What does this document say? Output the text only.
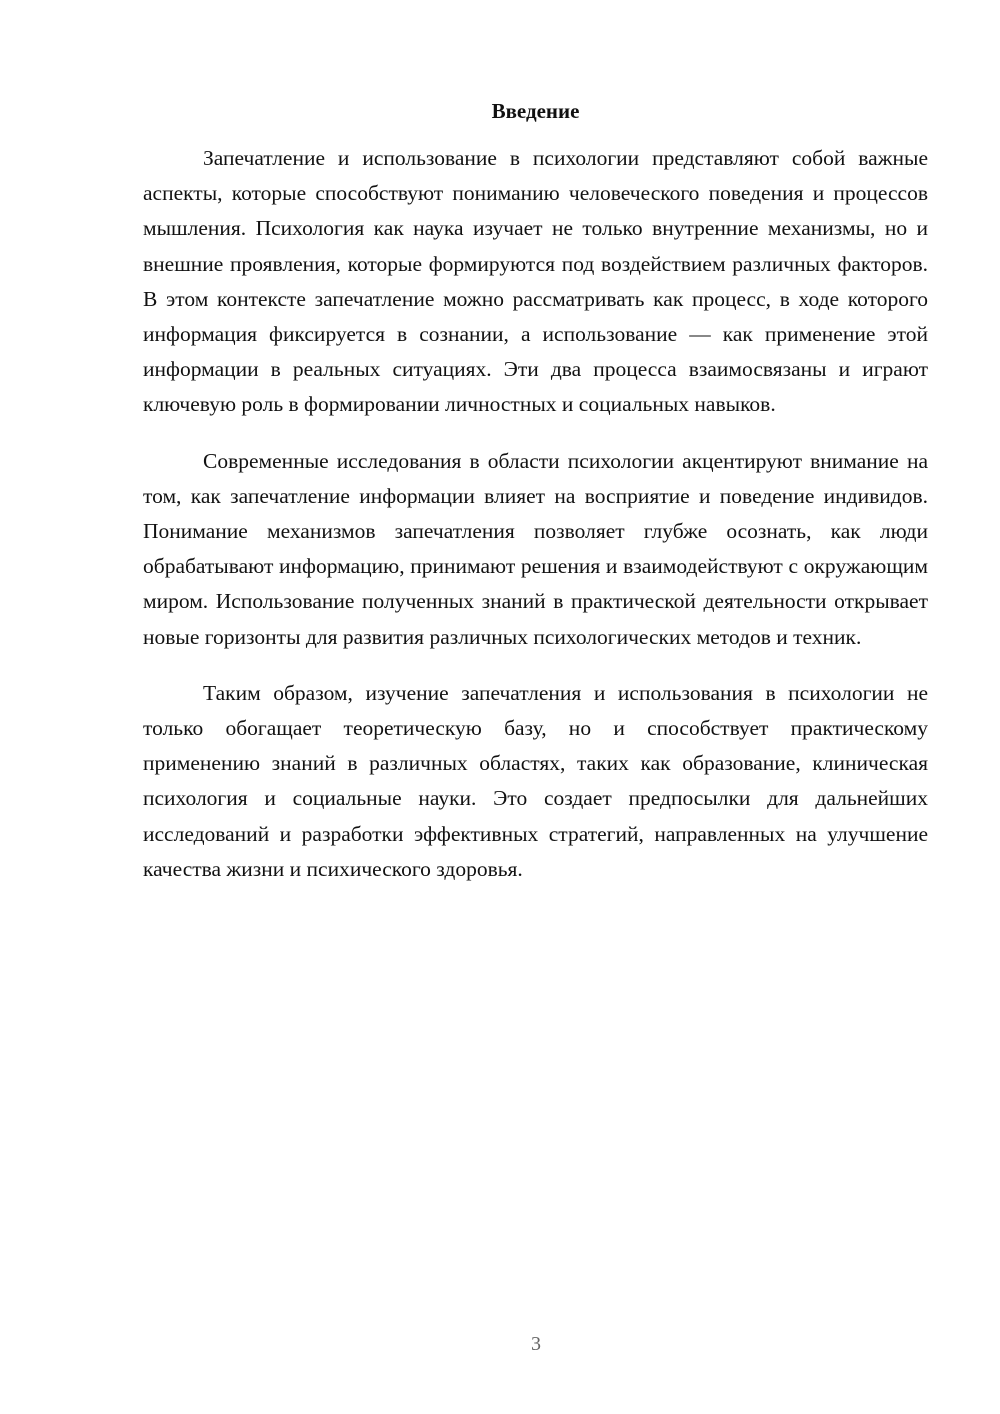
Введение

Запечатление и использование в психологии представляют собой важные аспекты, которые способствуют пониманию человеческого поведения и процессов мышления. Психология как наука изучает не только внутренние механизмы, но и внешние проявления, которые формируются под воздействием различных факторов. В этом контексте запечатление можно рассматривать как процесс, в ходе которого информация фиксируется в сознании, а использование — как применение этой информации в реальных ситуациях. Эти два процесса взаимосвязаны и играют ключевую роль в формировании личностных и социальных навыков.

Современные исследования в области психологии акцентируют внимание на том, как запечатление информации влияет на восприятие и поведение индивидов. Понимание механизмов запечатления позволяет глубже осознать, как люди обрабатывают информацию, принимают решения и взаимодействуют с окружающим миром. Использование полученных знаний в практической деятельности открывает новые горизонты для развития различных психологических методов и техник.

Таким образом, изучение запечатления и использования в психологии не только обогащает теоретическую базу, но и способствует практическому применению знаний в различных областях, таких как образование, клиническая психология и социальные науки. Это создает предпосылки для дальнейших исследований и разработки эффективных стратегий, направленных на улучшение качества жизни и психического здоровья.

3
